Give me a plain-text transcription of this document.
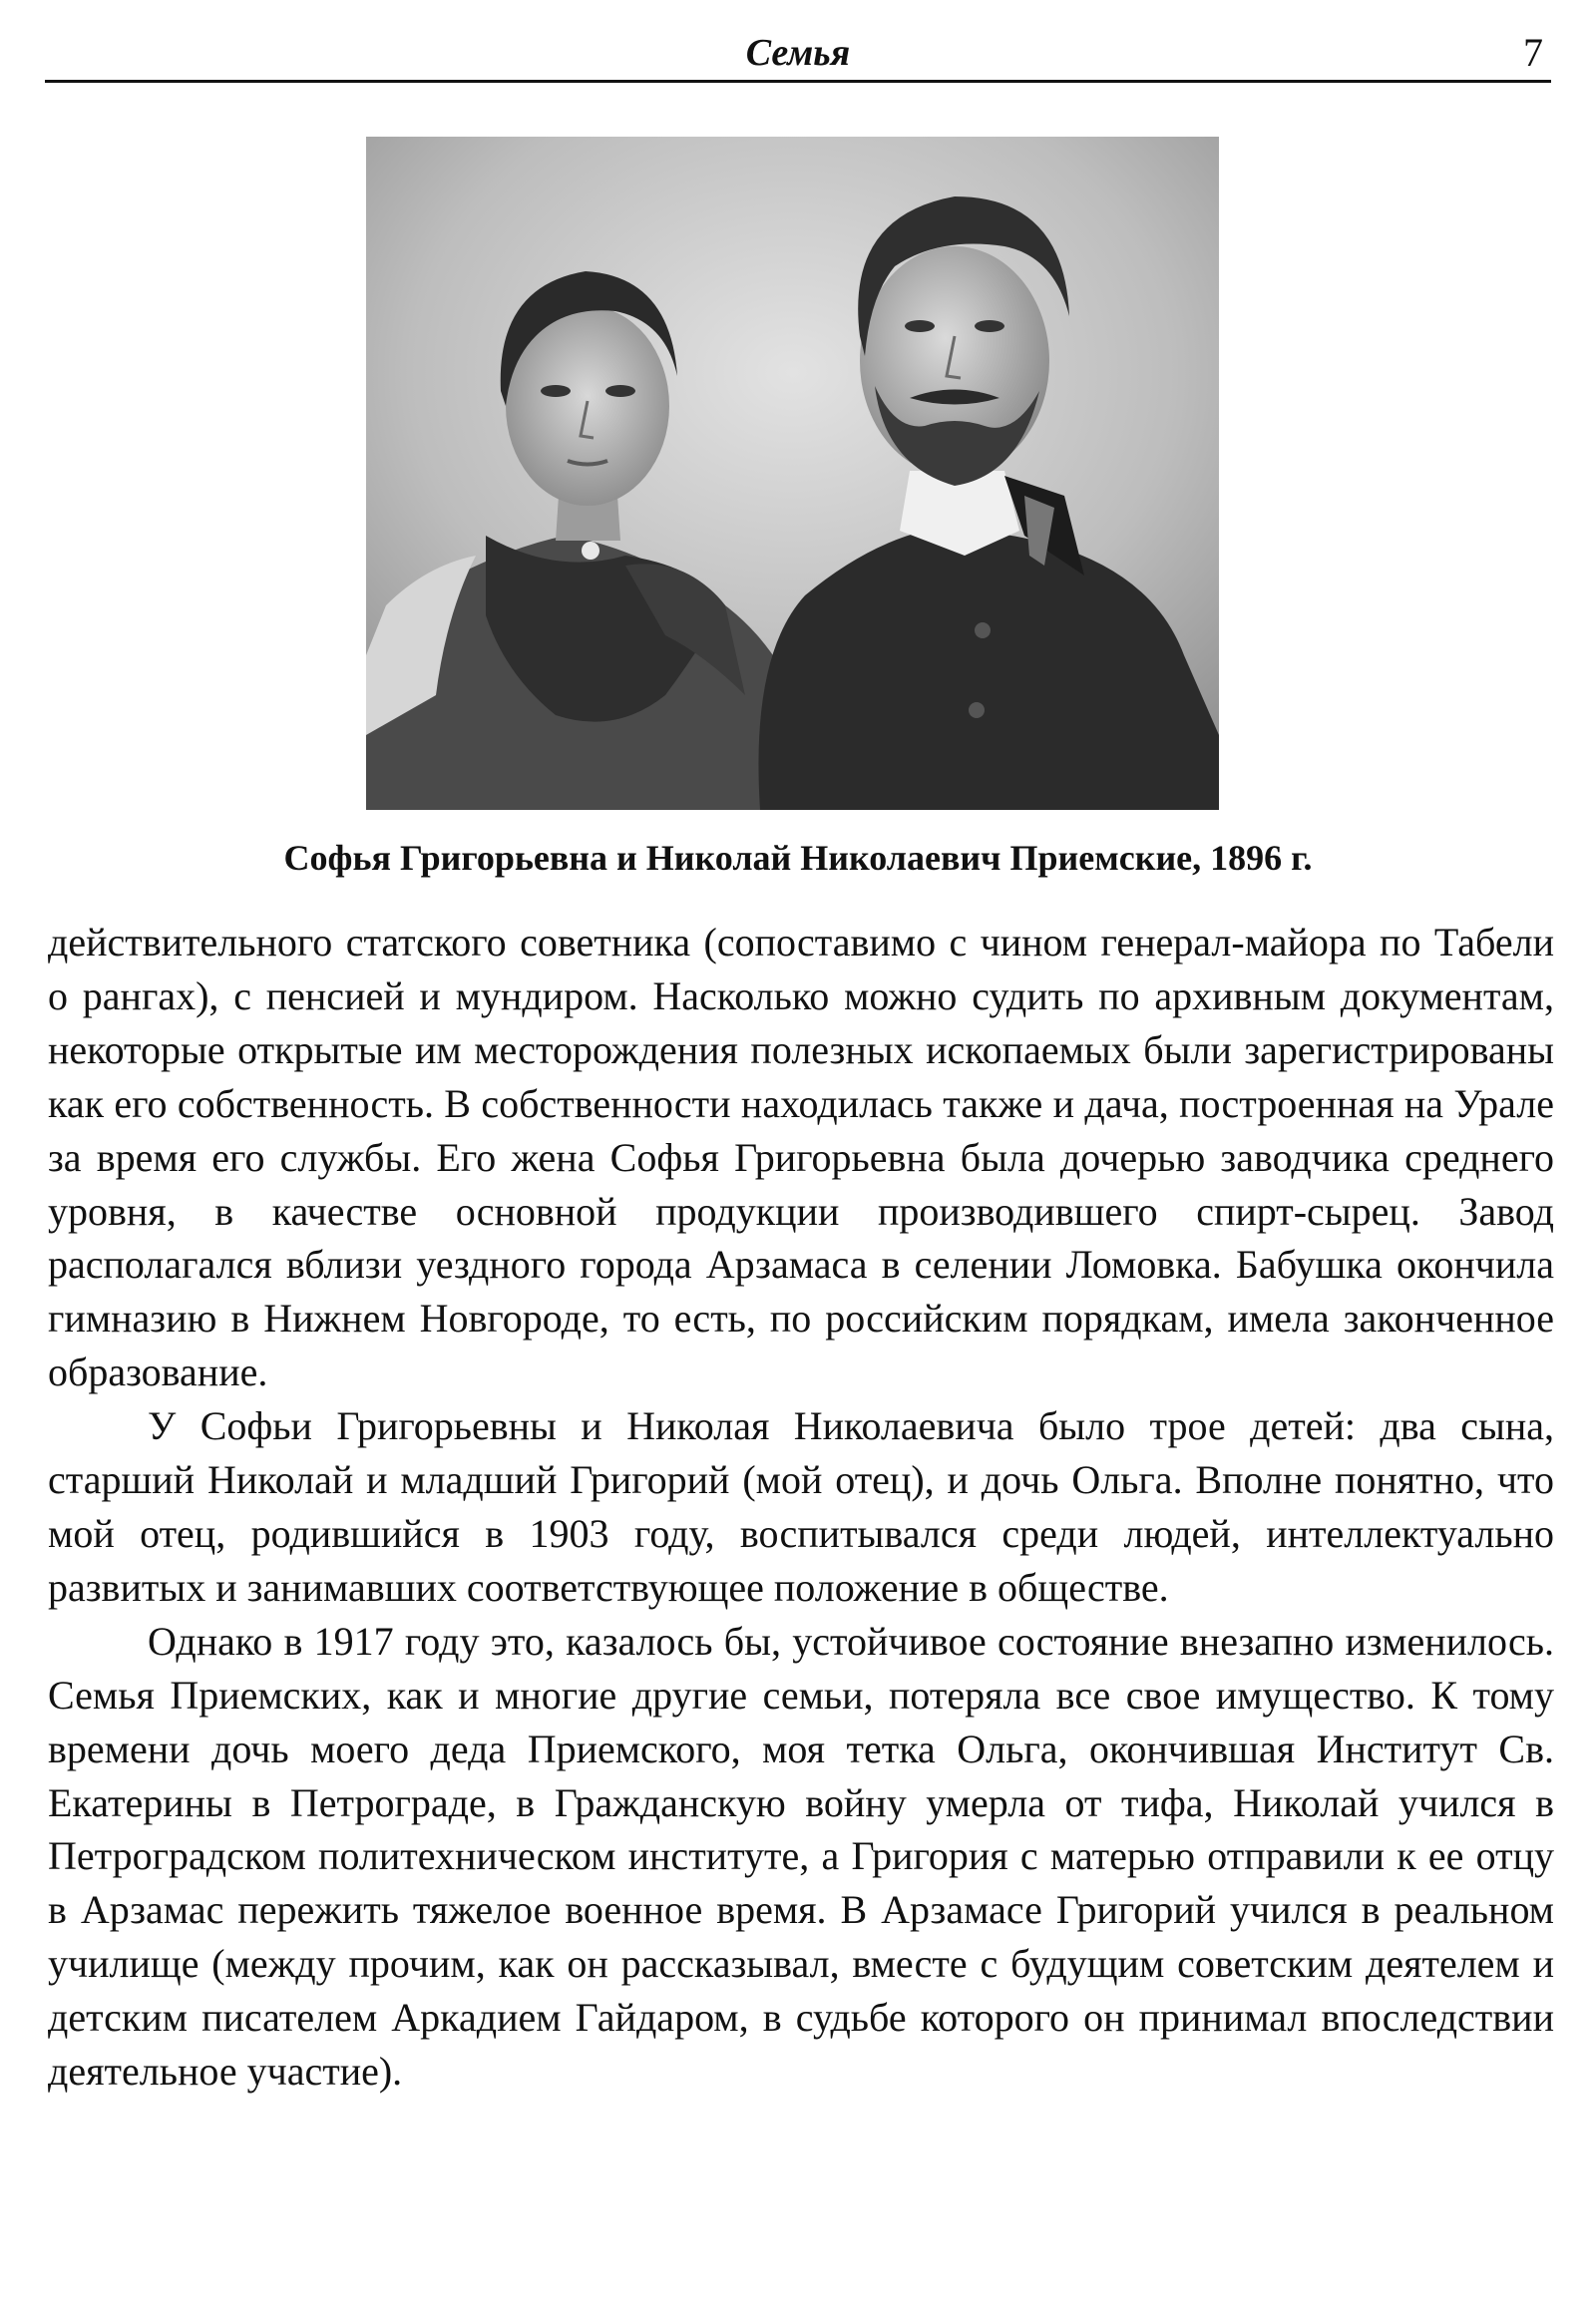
Семья	7
Софья Григорьевна и Николай Николаевич Приемские, 1896 г.

действительного статского советника (сопоставимо с чином генерал-майора по Табели о рангах), с пенсией и мундиром. Насколько можно судить по архивным документам, некоторые открытые им месторождения полезных ископаемых были зарегистрированы как его собственность. В собственности находилась также и дача, построенная на Урале за время его службы. Его жена Софья Григорьевна была дочерью заводчика среднего уровня, в качестве основной продукции производившего спирт-сырец. Завод располагался вблизи уездного города Арзамаса в селении Ломовка. Бабушка окончила гимназию в Нижнем Новгороде, то есть, по российским порядкам, имела законченное образование.

У Софьи Григорьевны и Николая Николаевича было трое детей: два сына, старший Николай и младший Григорий (мой отец), и дочь Ольга. Вполне понятно, что мой отец, родившийся в 1903 году, воспитывался среди людей, интеллектуально развитых и занимавших соответствующее положение в обществе.

Однако в 1917 году это, казалось бы, устойчивое состояние внезапно изменилось. Семья Приемских, как и многие другие семьи, потеряла все свое имущество. К тому времени дочь моего деда Приемского, моя тетка Ольга, окончившая Институт Св. Екатерины в Петрограде, в Гражданскую войну умерла от тифа, Николай учился в Петроградском политехническом институте, а Григория с матерью отправили к ее отцу в Арзамас пережить тяжелое военное время. В Арзамасе Григорий учился в реальном училище (между прочим, как он рассказывал, вместе с будущим советским деятелем и детским писателем Аркадием Гайдаром, в судьбе которого он принимал впоследствии деятельное участие).
